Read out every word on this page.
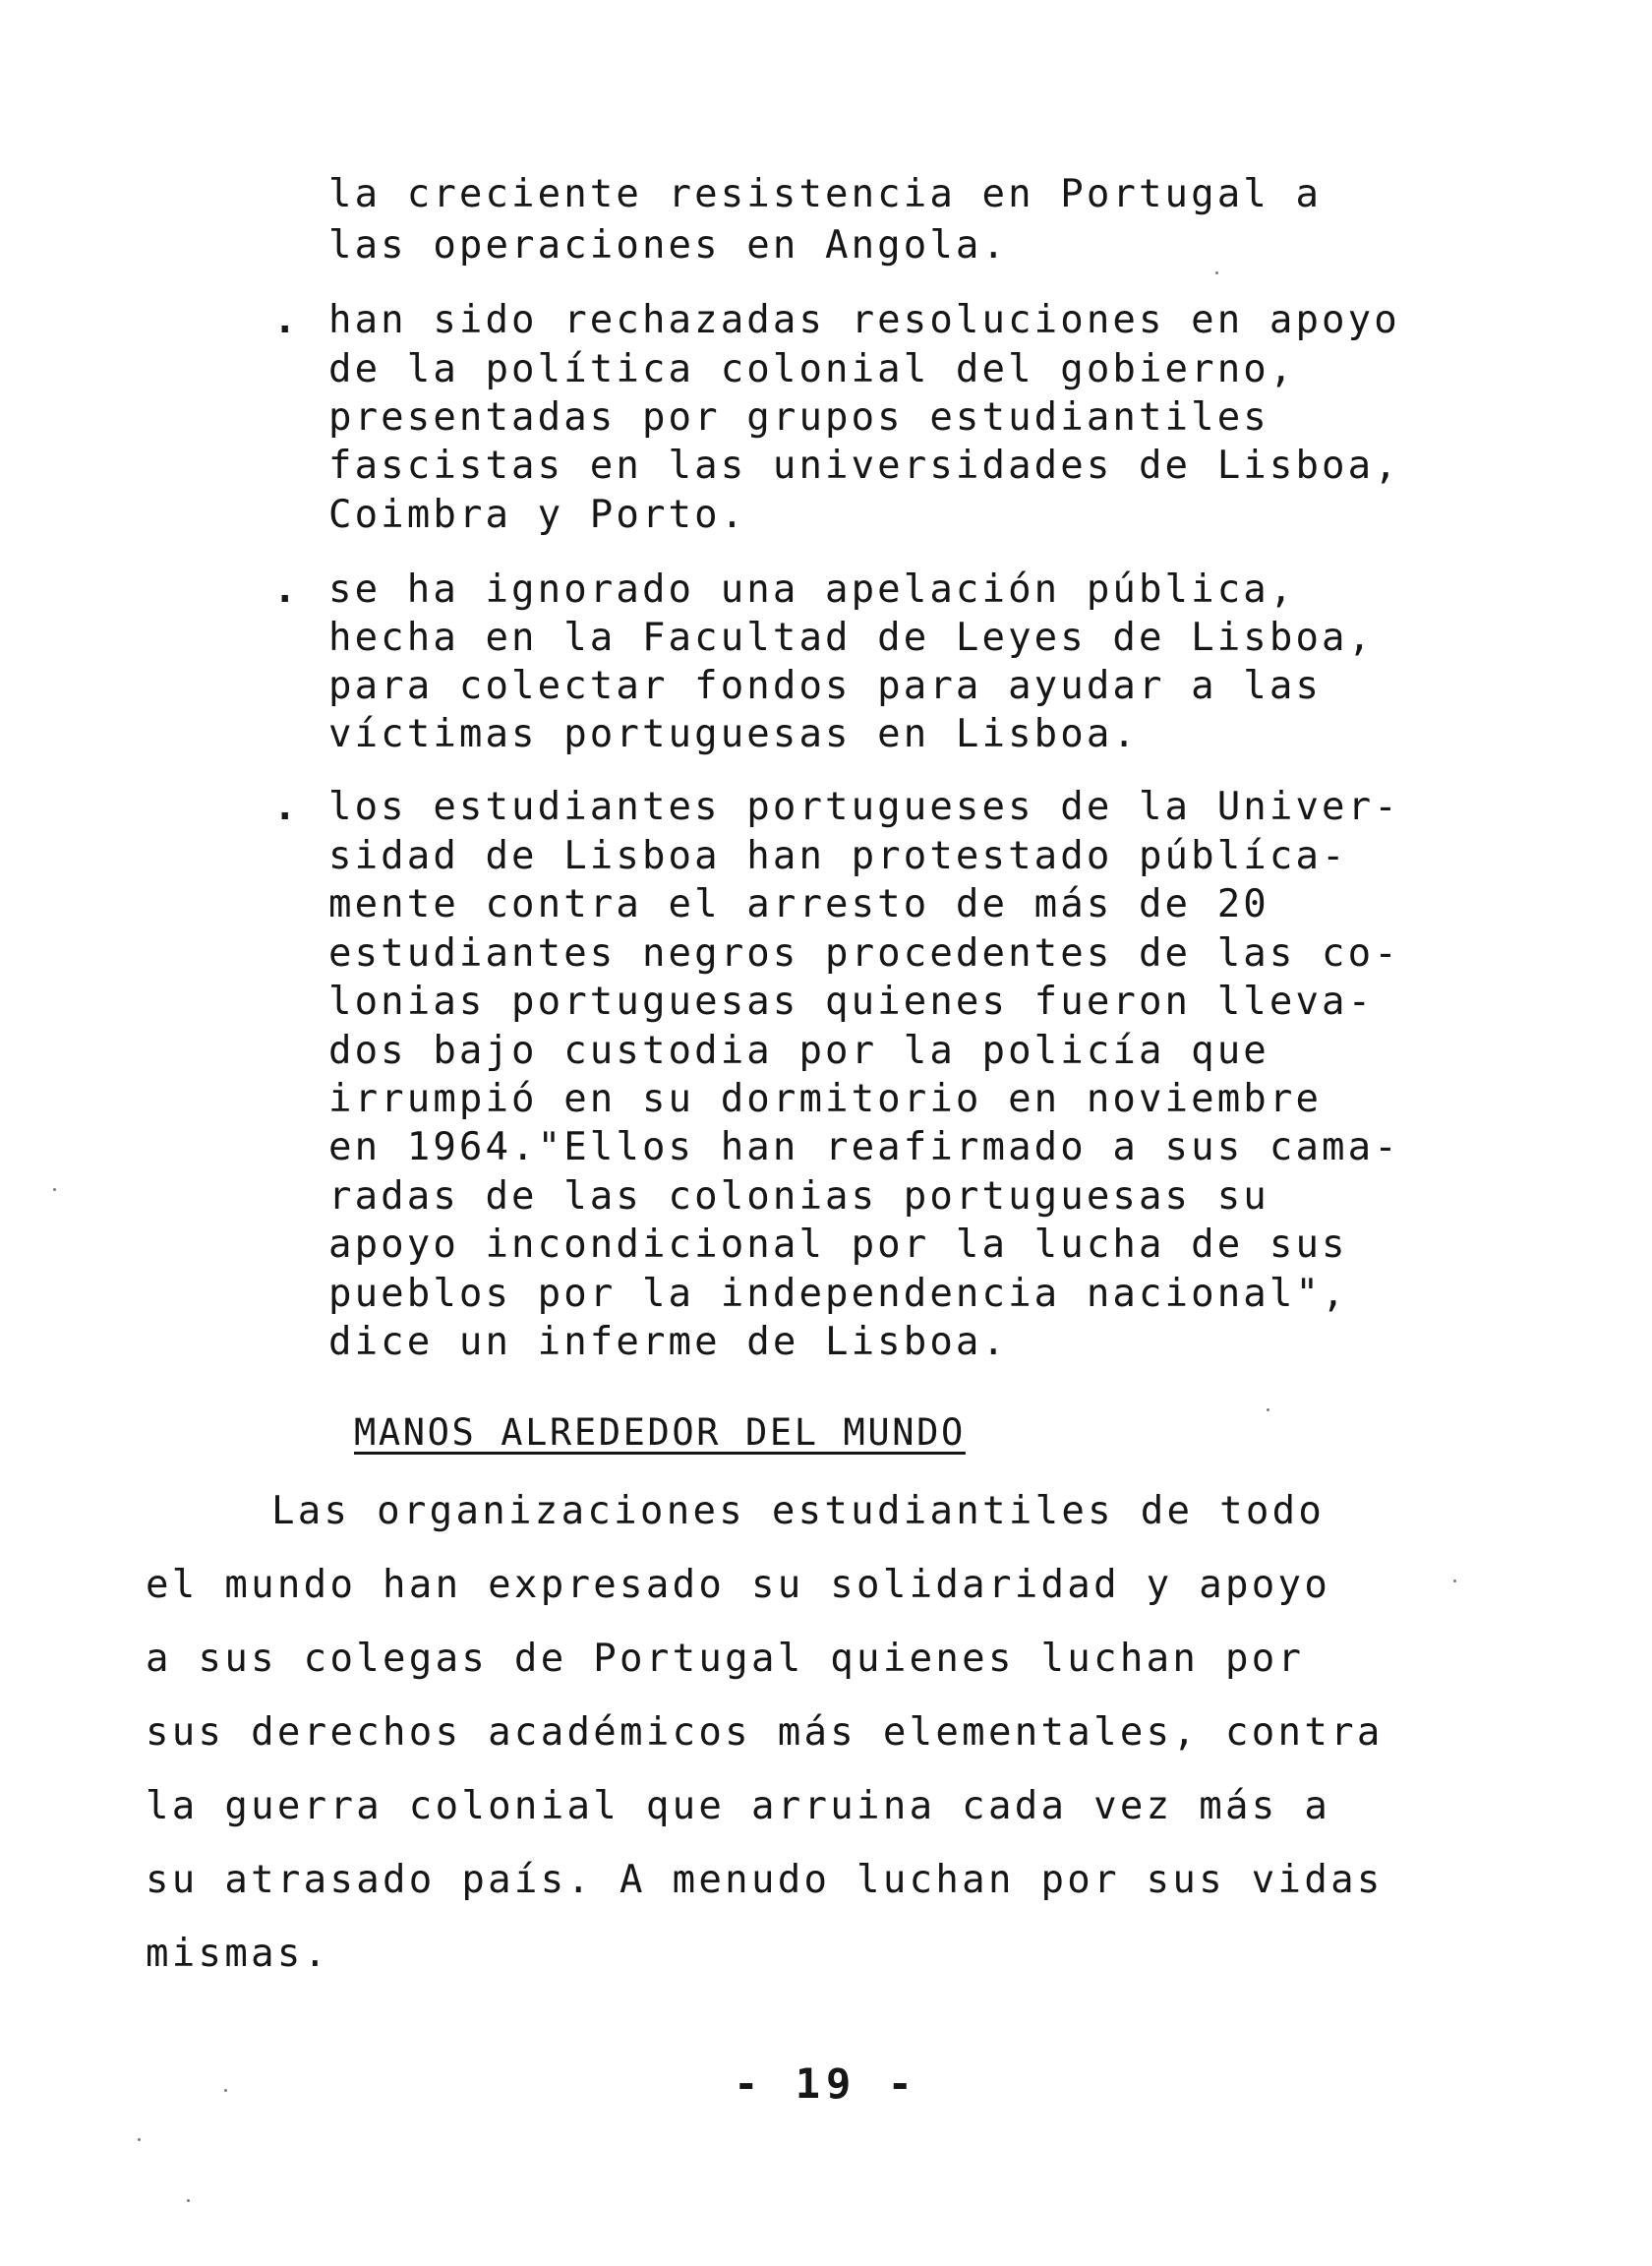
la creciente resistencia en Portugal a
las operaciones en Angola.
. han sido rechazadas resoluciones en apoyo
de la política colonial del gobierno,
presentadas por grupos estudiantiles
fascistas en las universidades de Lisboa,
Coimbra y Porto.
. se ha ignorado una apelación pública,
hecha en la Facultad de Leyes de Lisboa,
para colectar fondos para ayudar a las
víctimas portuguesas en Lisboa.
. los estudiantes portugueses de la Univer-
sidad de Lisboa han protestado públíca-
mente contra el arresto de más de 20
estudiantes negros procedentes de las co-
lonias portuguesas quienes fueron lleva-
dos bajo custodia por la policía que
irrumpió en su dormitorio en noviembre
en 1964."Ellos han reafirmado a sus cama-
radas de las colonias portuguesas su
apoyo incondicional por la lucha de sus
pueblos por la independencia nacional",
dice un inferme de Lisboa.
MANOS ALREDEDOR DEL MUNDO
Las organizaciones estudiantiles de todo
el mundo han expresado su solidaridad y apoyo
a sus colegas de Portugal quienes luchan por
sus derechos académicos más elementales, contra
la guerra colonial que arruina cada vez más a
su atrasado país. A menudo luchan por sus vidas
mismas.
- 19 -
